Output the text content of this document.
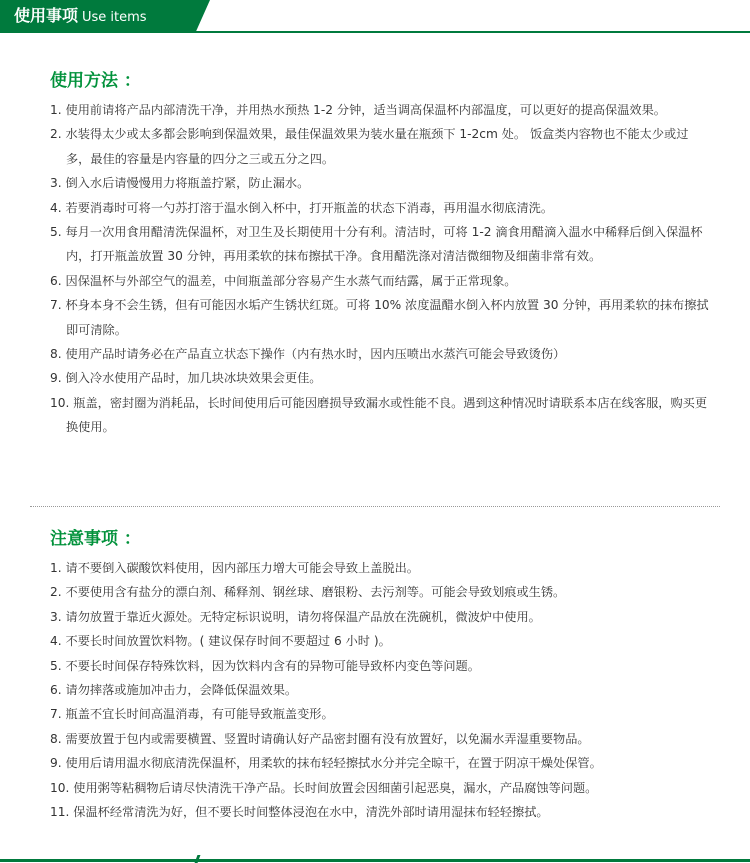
使用事项 Use items
使用方法 ：
1. 使用前请将产品内部清洗干净，并用热水预热 1-2 分钟，适当调高保温杯内部温度，可以更好的提高保温效果。
2. 水装得太少或太多都会影响到保温效果，最佳保温效果为装水量在瓶颈下 1-2cm 处。 饭盒类内容物也不能太少或过多，最佳的容量是内容量的四分之三或五分之四。
3. 倒入水后请慢慢用力将瓶盖拧紧，防止漏水。
4. 若要消毒时可将一勺苏打溶于温水倒入杯中，打开瓶盖的状态下消毒，再用温水彻底清洗。
5. 每月一次用食用醋清洗保温杯，对卫生及长期使用十分有利。清洁时，可将 1-2 滴食用醋滴入温水中稀释后倒入保温杯内，打开瓶盖放置 30 分钟，再用柔软的抹布擦拭干净。食用醋洗涤对清洁微细物及细菌非常有效。
6. 因保温杯与外部空气的温差，中间瓶盖部分容易产生水蒸气而结露，属于正常现象。
7. 杯身本身不会生锈，但有可能因水垢产生锈状红斑。可将 10% 浓度温醋水倒入杯内放置 30 分钟，再用柔软的抹布擦拭即可清除。
8. 使用产品时请务必在产品直立状态下操作（内有热水时，因内压喷出水蒸汽可能会导致烫伤）
9. 倒入冷水使用产品时，加几块冰块效果会更佳。
10. 瓶盖，密封圈为消耗品，长时间使用后可能因磨损导致漏水或性能不良。遇到这种情况时请联系本店在线客服，购买更换使用。
注意事项 ：
1. 请不要倒入碳酸饮料使用，因内部压力增大可能会导致上盖脱出。
2. 不要使用含有盐分的漂白剂、稀释剂、钢丝球、磨银粉、去污剂等。可能会导致划痕或生锈。
3. 请勿放置于靠近火源处。无特定标识说明，请勿将保温产品放在洗碗机，微波炉中使用。
4. 不要长时间放置饮料物。( 建议保存时间不要超过 6 小时 )。
5. 不要长时间保存特殊饮料，因为饮料内含有的异物可能导致杯内变色等问题。
6. 请勿摔落或施加冲击力，会降低保温效果。
7. 瓶盖不宜长时间高温消毒，有可能导致瓶盖变形。
8. 需要放置于包内或需要横置、竖置时请确认好产品密封圈有没有放置好，以免漏水弄湿重要物品。
9. 使用后请用温水彻底清洗保温杯，用柔软的抹布轻轻擦拭水分并完全晾干，在置于阴凉干燥处保管。
10. 使用粥等粘稠物后请尽快清洗干净产品。长时间放置会因细菌引起恶臭，漏水，产品腐蚀等问题。
11. 保温杯经常清洗为好，但不要长时间整体浸泡在水中，清洗外部时请用湿抹布轻轻擦拭。
